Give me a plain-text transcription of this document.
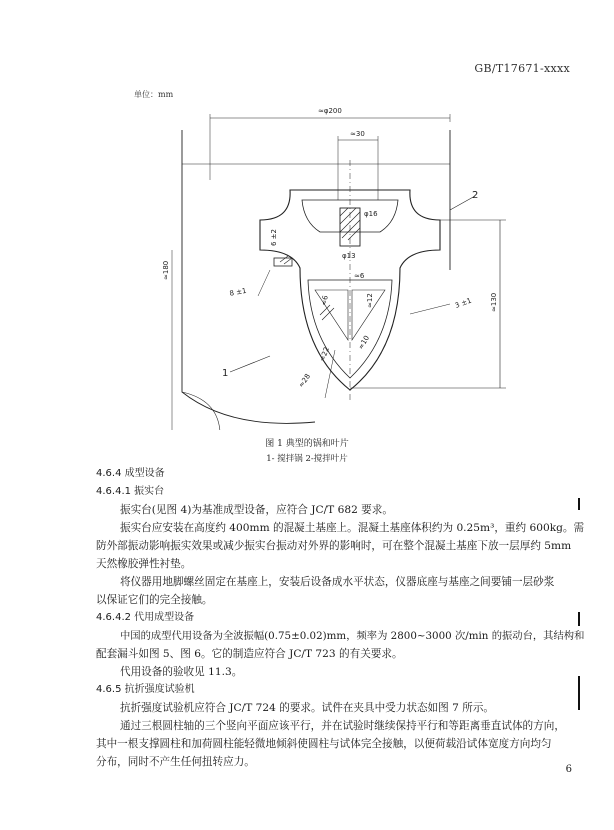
GB/T17671-xxxx
单位：mm
≈φ200
≈30
φ16
φ13
≈6
6 ±2
8 ±1
≈180
≈130
3 ±1
≈12
≈22
≈28
≈10
≈6
2
1
图 1 典型的锅和叶片
1- 搅拌锅 2-搅拌叶片
4.6.4 成型设备
4.6.4.1 振实台
振实台(见图 4)为基准成型设备，应符合 JC/T 682 要求。
振实台应安装在高度约 400mm 的混凝土基座上。混凝土基座体积约为 0.25m³，重约 600kg。需
防外部振动影响振实效果或减少振实台振动对外界的影响时，可在整个混凝土基座下放一层厚约 5mm
天然橡胶弹性衬垫。
将仪器用地脚螺丝固定在基座上，安装后设备成水平状态，仪器底座与基座之间要铺一层砂浆
以保证它们的完全接触。
4.6.4.2 代用成型设备
中国的成型代用设备为全波振幅(0.75±0.02)mm，频率为 2800~3000 次/min 的振动台，其结构和
配套漏斗如图 5、图 6。它的制造应符合 JC/T 723 的有关要求。
代用设备的验收见 11.3。
4.6.5 抗折强度试验机
抗折强度试验机应符合 JC/T 724 的要求。试件在夹具中受力状态如图 7 所示。
通过三根圆柱轴的三个竖向平面应该平行，并在试验时继续保持平行和等距离垂直试体的方向，
其中一根支撑圆柱和加荷圆柱能轻微地倾斜使圆柱与试体完全接触，以便荷载沿试体宽度方向均匀
分布，同时不产生任何扭转应力。
6
